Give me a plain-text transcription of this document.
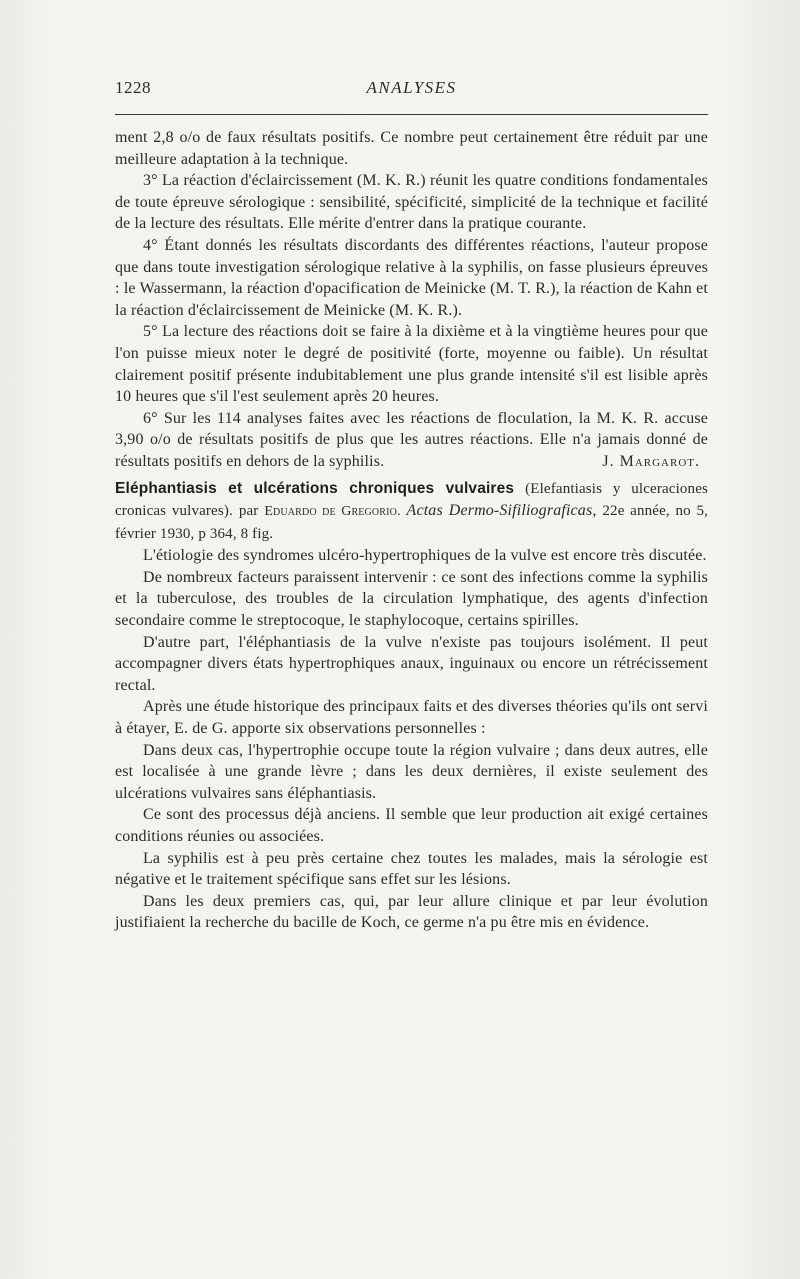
1228	ANALYSES

ment 2,8 o/o de faux résultats positifs. Ce nombre peut certainement être réduit par une meilleure adaptation à la technique.

3° La réaction d'éclaircissement (M. K. R.) réunit les quatre conditions fondamentales de toute épreuve sérologique : sensibilité, spécificité, simplicité de la technique et facilité de la lecture des résultats. Elle mérite d'entrer dans la pratique courante.

4° Étant donnés les résultats discordants des différentes réactions, l'auteur propose que dans toute investigation sérologique relative à la syphilis, on fasse plusieurs épreuves : le Wassermann, la réaction d'opacification de Meinicke (M. T. R.), la réaction de Kahn et la réaction d'éclaircissement de Meinicke (M. K. R.).

5° La lecture des réactions doit se faire à la dixième et à la vingtième heures pour que l'on puisse mieux noter le degré de positivité (forte, moyenne ou faible). Un résultat clairement positif présente indubitablement une plus grande intensité s'il est lisible après 10 heures que s'il l'est seulement après 20 heures.

6° Sur les 114 analyses faites avec les réactions de floculation, la M. K. R. accuse 3,90 o/o de résultats positifs de plus que les autres réactions. Elle n'a jamais donné de résultats positifs en dehors de la syphilis.	J. Margarot.

Eléphantiasis et ulcérations chroniques vulvaires (Elefantiasis y ulceraciones cronicas vulvares). par Eduardo de Gregorio. Actas Dermo-Sifiliograficas, 22e année, no 5, février 1930, p 364, 8 fig.

L'étiologie des syndromes ulcéro-hypertrophiques de la vulve est encore très discutée.

De nombreux facteurs paraissent intervenir : ce sont des infections comme la syphilis et la tuberculose, des troubles de la circulation lymphatique, des agents d'infection secondaire comme le streptocoque, le staphylocoque, certains spirilles.

D'autre part, l'éléphantiasis de la vulve n'existe pas toujours isolément. Il peut accompagner divers états hypertrophiques anaux, inguinaux ou encore un rétrécissement rectal.

Après une étude historique des principaux faits et des diverses théories qu'ils ont servi à étayer, E. de G. apporte six observations personnelles :

Dans deux cas, l'hypertrophie occupe toute la région vulvaire ; dans deux autres, elle est localisée à une grande lèvre ; dans les deux dernières, il existe seulement des ulcérations vulvaires sans éléphantiasis.

Ce sont des processus déjà anciens. Il semble que leur production ait exigé certaines conditions réunies ou associées.

La syphilis est à peu près certaine chez toutes les malades, mais la sérologie est négative et le traitement spécifique sans effet sur les lésions.

Dans les deux premiers cas, qui, par leur allure clinique et par leur évolution justifiaient la recherche du bacille de Koch, ce germe n'a pu être mis en évidence.
